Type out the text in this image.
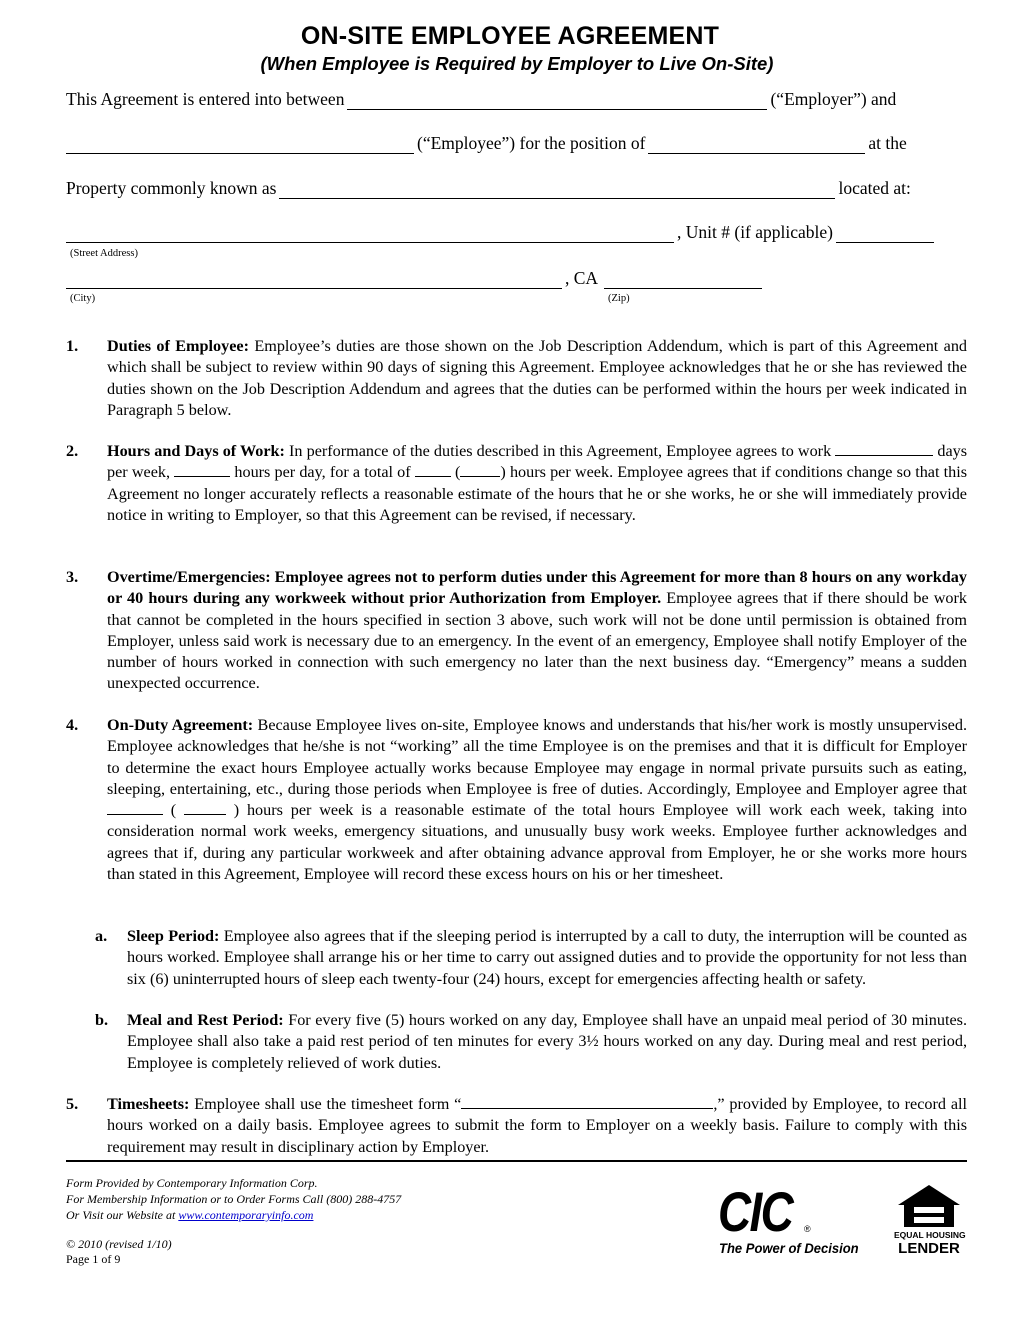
ON-SITE EMPLOYEE AGREEMENT
(When Employee is Required by Employer to Live On-Site)
This Agreement is entered into between	(“Employer”) and
(“Employee”) for the position of	at the
Property commonly known as	located at:
, Unit # (if applicable)
(Street Address)
, CA
(City)	(Zip)
1. Duties of Employee: Employee’s duties are those shown on the Job Description Addendum, which is part of this Agreement and which shall be subject to review within 90 days of signing this Agreement. Employee acknowledges that he or she has reviewed the duties shown on the Job Description Addendum and agrees that the duties can be performed within the hours per week indicated in Paragraph 5 below.
2. Hours and Days of Work: In performance of the duties described in this Agreement, Employee agrees to work	days per week,	hours per day, for a total of	( ) hours per week. Employee agrees that if conditions change so that this Agreement no longer accurately reflects a reasonable estimate of the hours that he or she works, he or she will immediately provide notice in writing to Employer, so that this Agreement can be revised, if necessary.
3. Overtime/Emergencies: Employee agrees not to perform duties under this Agreement for more than 8 hours on any workday or 40 hours during any workweek without prior Authorization from Employer. Employee agrees that if there should be work that cannot be completed in the hours specified in section 3 above, such work will not be done until permission is obtained from Employer, unless said work is necessary due to an emergency. In the event of an emergency, Employee shall notify Employer of the number of hours worked in connection with such emergency no later than the next business day. “Emergency” means a sudden unexpected occurrence.
4. On-Duty Agreement: Because Employee lives on-site, Employee knows and understands that his/her work is mostly unsupervised. Employee acknowledges that he/she is not “working” all the time Employee is on the premises and that it is difficult for Employer to determine the exact hours Employee actually works because Employee may engage in normal private pursuits such as eating, sleeping, entertaining, etc., during those periods when Employee is free of duties. Accordingly, Employee and Employer agree that  (	) hours per week is a reasonable estimate of the total hours Employee will work each week, taking into consideration normal work weeks, emergency situations, and unusually busy work weeks. Employee further acknowledges and agrees that if, during any particular workweek and after obtaining advance approval from Employer, he or she works more hours than stated in this Agreement, Employee will record these excess hours on his or her timesheet.
a. Sleep Period: Employee also agrees that if the sleeping period is interrupted by a call to duty, the interruption will be counted as hours worked. Employee shall arrange his or her time to carry out assigned duties and to provide the opportunity for not less than six (6) uninterrupted hours of sleep each twenty-four (24) hours, except for emergencies affecting health or safety.
b. Meal and Rest Period: For every five (5) hours worked on any day, Employee shall have an unpaid meal period of 30 minutes. Employee shall also take a paid rest period of ten minutes for every 3½ hours worked on any day. During meal and rest period, Employee is completely relieved of work duties.
5. Timesheets: Employee shall use the timesheet form “	,” provided by Employee, to record all hours worked on a daily basis. Employee agrees to submit the form to Employer on a weekly basis. Failure to comply with this requirement may result in disciplinary action by Employer.
Form Provided by Contemporary Information Corp.
For Membership Information or to Order Forms Call (800) 288-4757
Or Visit our Website at www.contemporaryinfo.com
© 2010 (revised 1/10)
Page 1 of 9
CIC ®
The Power of Decision
EQUAL HOUSING
LENDER
